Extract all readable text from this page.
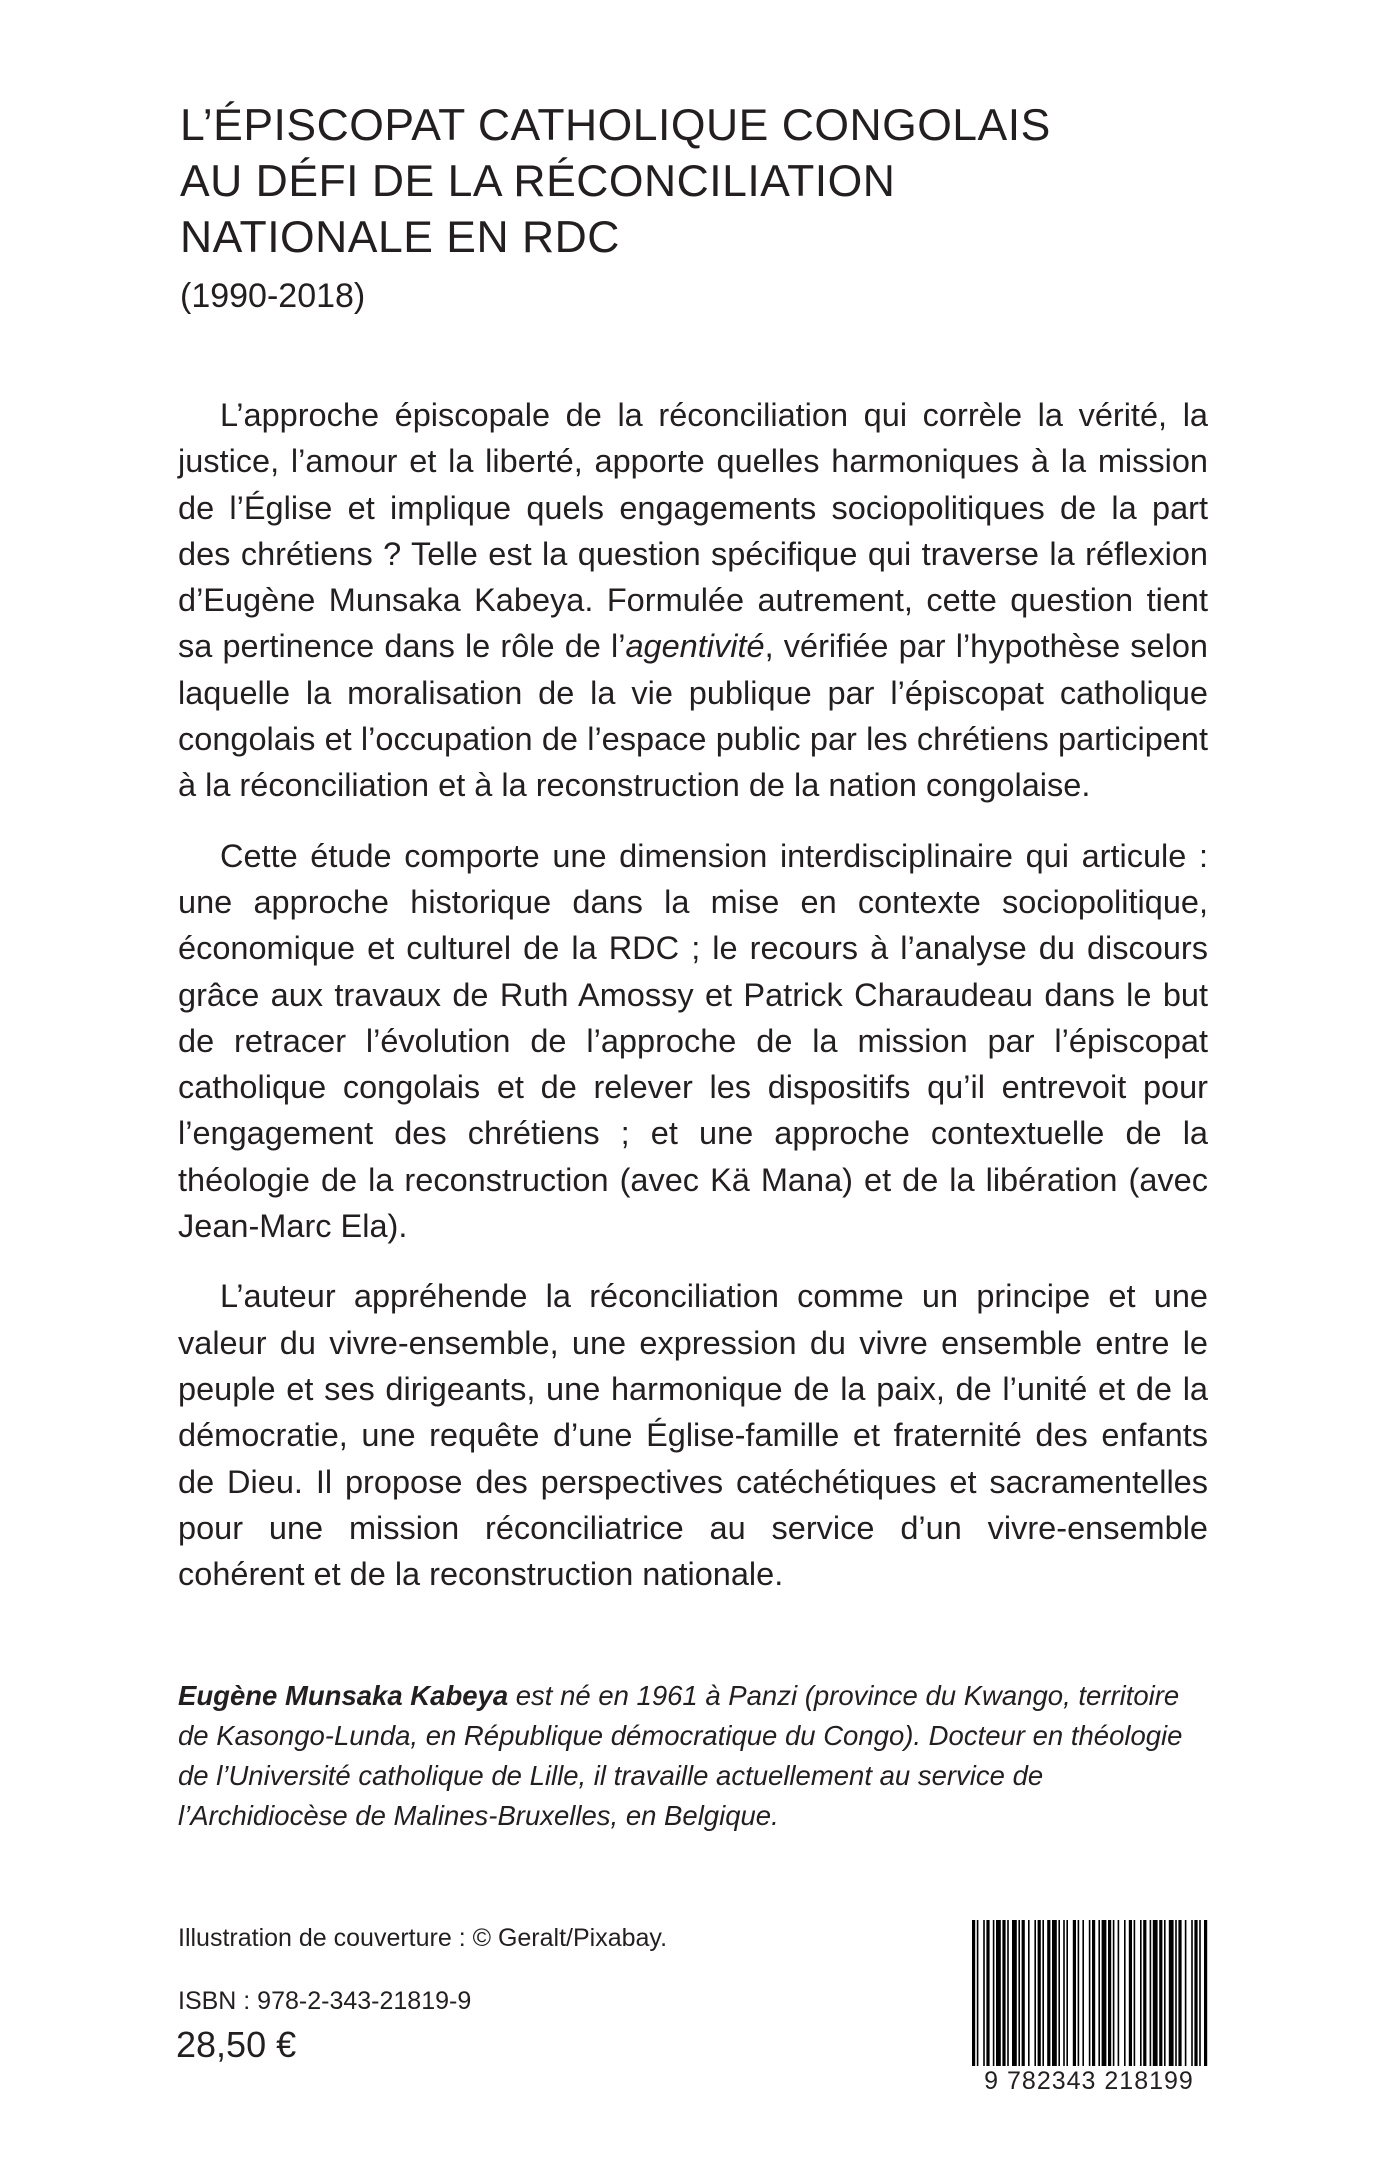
L’ÉPISCOPAT CATHOLIQUE CONGOLAIS
AU DÉFI DE LA RÉCONCILIATION
NATIONALE EN RDC
(1990-2018)

L’approche épiscopale de la réconciliation qui corrèle la vérité, la justice, l’amour et la liberté, apporte quelles harmoniques à la mission de l’Église et implique quels engagements sociopolitiques de la part des chrétiens ? Telle est la question spécifique qui traverse la réflexion d’Eugène Munsaka Kabeya. Formulée autrement, cette question tient sa pertinence dans le rôle de l’agentivité, vérifiée par l’hypothèse selon laquelle la moralisation de la vie publique par l’épiscopat catholique congolais et l’occupation de l’espace public par les chrétiens participent à la réconciliation et à la reconstruction de la nation congolaise.

Cette étude comporte une dimension interdisciplinaire qui articule : une approche historique dans la mise en contexte sociopolitique, économique et culturel de la RDC ; le recours à l’analyse du discours grâce aux travaux de Ruth Amossy et Patrick Charaudeau dans le but de retracer l’évolution de l’approche de la mission par l’épiscopat catholique congolais et de relever les dispositifs qu’il entrevoit pour l’engagement des chrétiens ; et une approche contextuelle de la théologie de la reconstruction (avec Kä Mana) et de la libération (avec Jean-Marc Ela).

L’auteur appréhende la réconciliation comme un principe et une valeur du vivre-ensemble, une expression du vivre ensemble entre le peuple et ses dirigeants, une harmonique de la paix, de l’unité et de la démocratie, une requête d’une Église-famille et fraternité des enfants de Dieu. Il propose des perspectives catéchétiques et sacramentelles pour une mission réconciliatrice au service d’un vivre-ensemble cohérent et de la reconstruction nationale.

Eugène Munsaka Kabeya est né en 1961 à Panzi (province du Kwango, territoire de Kasongo-Lunda, en République démocratique du Congo). Docteur en théologie de l’Université catholique de Lille, il travaille actuellement au service de l’Archidiocèse de Malines-Bruxelles, en Belgique.
Illustration de couverture : © Geralt/Pixabay.
ISBN : 978-2-343-21819-9
28,50 €
9 782343 218199
